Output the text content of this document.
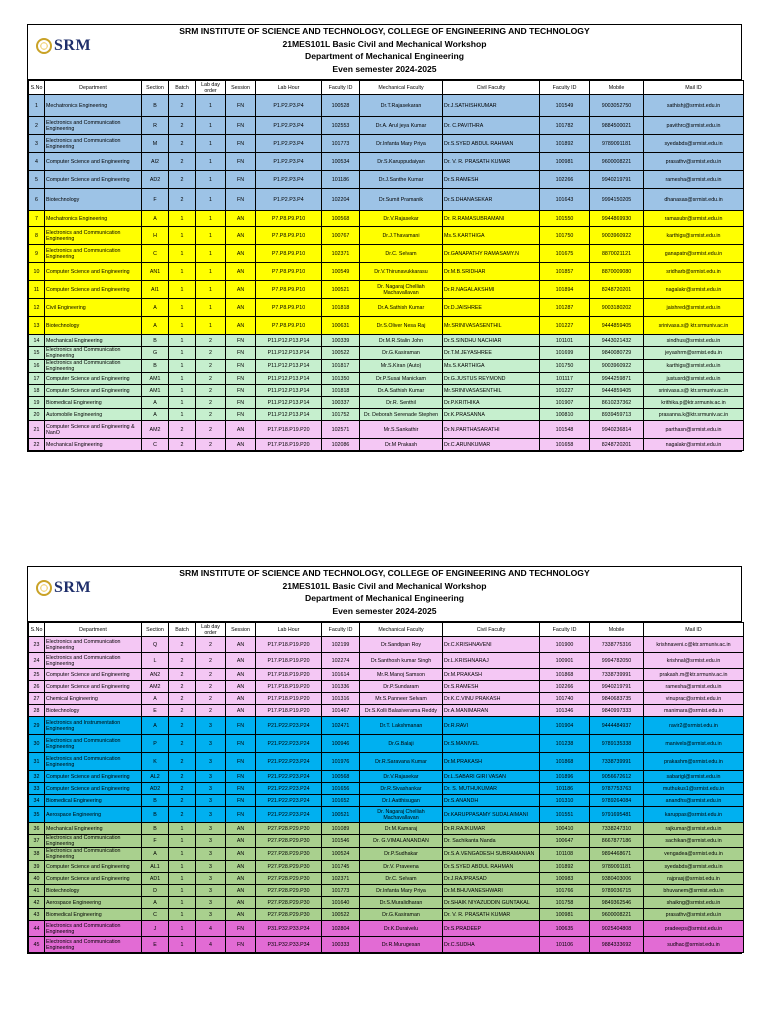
SRM
SRM INSTITUTE OF SCIENCE AND TECHNOLOGY, COLLEGE OF ENGINEERING AND TECHNOLOGY
21MES101L Basic Civil and Mechanical Workshop
Department of Mechanical Engineering
Even semester 2024-2025
S.No	Department	Section	Batch	Lab day order	Session	Lab Hour	Faculty ID	Mechanical Faculty	Civil Faculty	Faculty ID	Mobile	Mail ID
1	Mechatronics Engineering	B	2	1	FN	P1.P2.P3.P4	100528	Dr.T.Rajasekaran	Dr.J.SATHISHKUMAR	101549	9003052750	sathishj@srmist.edu.in
2	Electronics and Communication Engineering	R	2	1	FN	P1.P2.P3.P4	102553	Dr.A. Arul jeya Kumar	Dr. C.PAVITHRA	101782	9884500021	pavithrc@srmist.edu.in
3	Electronics and Communication Engineering	M	2	1	FN	P1.P2.P3.P4	101773	Dr.Infanta Mary Priya	Dr.S.SYED ABDUL RAHMAN	101892	9789091181	syedabds@srmist.edu.in
4	Computer Science and Engineering	AI2	2	1	FN	P1.P2.P3.P4	100534	Dr.S.Karuppudaiyan	Dr. V. R. PRASATH KUMAR	100981	9600008221	prasathv@srmist.edu.in
5	Computer Science and Engineering	AD2	2	1	FN	P1.P2.P3.P4	101186	Dr.J.Santhe Kumar	Dr.S.RAMESH	102266	9940219791	ramesha@srmist.edu.in
6	Biotechnology	F	2	1	FN	P1.P2.P3.P4	102204	Dr.Sumit Pramanik	Dr.S.DHANASEKAR	101643	9994150205	dhanasas@srmist.edu.in
7	Mechatronics Engineering	A	1	1	AN	P7.P8.P9.P10	100568	Dr.V.Rajasekar	Dr. R.RAMASUBRAMANI	101550	9944869930	ramasubr@srmist.edu.in
8	Electronics and Communication Engineering	H	1	1	AN	P7.P8.P9.P10	100767	Dr.J.Thavamani	Ms.S.KARTHIGA	101750	9003960922	karthigs@srmist.edu.in
9	Electronics and Communication Engineering	C	1	1	AN	P7.P8.P9.P10	102371	Dr.C. Selvam	Dr.GANAPATHY RAMASAMY.N	101675	8870021121	ganapatn@srmist.edu.in
10	Computer Science and Engineering	AN1	1	1	AN	P7.P8.P9.P10	100549	Dr.V.Thirunavukkarasu	Dr.M.B.SRIDHAR	101857	8870009080	sridharb@srmist.edu.in
11	Computer Science and Engineering	AI1	1	1	AN	P7.P8.P9.P10	100521	Dr. Nagaraj Chelliah Machavallavan	Dr.R.NAGALAKSHMI	101894	8248720201	nagalakr@srmist.edu.in
12	Civil Engineering	A	1	1	AN	P7.P8.P9.P10	101818	Dr.A.Sathish Kumar	Dr.D.JAISHREE	101287	9003180202	jaishred@srmist.edu.in
13	Biotechnology	A	1	1	AN	P7.P8.P9.P10	100631	Dr.S.Oliver Nesa Raj	Mr.SRINIVASASENTHIL	101227	9444859405	srinivasa.s@ ktr.srmuniv.ac.in
14	Mechanical Engineering	B	1	2	FN	P11.P12.P13.P14	100339	Dr.M.R.Stalin John	Dr.S.SINDHU NACHIAR	101101	9443021432	sindhus@srmist.edu.in
15	Electronics and Communication Engineering	G	1	2	FN	P11.P12.P13.P14	100522	Dr.G.Kasiraman	Dr.T.M.JEYASHREE	101699	9840080729	jeyashrm@srmist.edu.in
16	Electronics and Communication Engineering	B	1	2	FN	P11.P12.P13.P14	101817	Mr.S.Kiran (Auto)	Ms.S.KARTHIGA	101750	9003960922	karthigs@srmist.edu.in
17	Computer Science and Engineering	AM1	1	2	FN	P11.P12.P13.P14	101350	Dr.P.Susai Manickam	Dr.G.JUSTUS REYMOND	101117	9944259871	justusrd@srmist.edu.in
18	Computer Science and Engineering	AM1	1	2	FN	P11.P12.P13.P14	101818	Dr.A.Sathish Kumar	Mr.SRINIVASASENTHIL	101227	9444859405	srinivasa.s@ ktr.srmuniv.ac.in
19	Biomedical Engineering	A	1	2	FN	P11.P12.P13.P14	100337	Dr.R. Senthil	Dr.P.KRITHIKA	101907	8610237362	krithika.p@ktr.srmuniv.ac.in
20	Automobile Engineering	A	1	2	FN	P11.P12.P13.P14	101752	Dr. Deborah Serenade Stephen	Dr.K.PRASANNA	100810	8939459713	prasanna.k@ktr.srmuniv.ac.in
21	Computer Science and Engineering & NanO	AM2	2	2	AN	P17.P18.P19.P20	102571	Mr.S.Sankathir	Dr.N.PARTHASARATHI	101548	9940236814	parthasn@srmist.edu.in
22	Mechanical Engineering	C	2	2	AN	P17.P18.P19.P20	102086	Dr.M Prakash	Dr.C.ARUNKUMAR	101658	8248720201	nagalakr@srmist.edu.in
SRM
SRM INSTITUTE OF SCIENCE AND TECHNOLOGY, COLLEGE OF ENGINEERING AND TECHNOLOGY
21MES101L Basic Civil and Mechanical Workshop
Department of Mechanical Engineering
Even semester 2024-2025
S.No	Department	Section	Batch	Lab day order	Session	Lab Hour	Faculty ID	Mechanical Faculty	Civil Faculty	Faculty ID	Mobile	Mail ID
23	Electronics and Communication Engineering	Q	2	2	AN	P17.P18.P19.P20	102199	Dr.Sandipan Roy	Dr.C.KRISHNAVENI	101900	7338775316	krishnaveni.c@ktr.srmuniv.ac.in
24	Electronics and Communication Engineering	L	2	2	AN	P17.P18.P19.P20	102274	Dr.Santhosh kumar Singh	Dr.L.KRISHNARAJ	100901	9994782050	krishnal@srmist.edu.in
25	Computer Science and Engineering	AN2	2	2	AN	P17.P18.P19.P20	101614	Mr.R.Manoj Samson	Dr.M.PRAKASH	101868	7338739991	prakash.m@ktr.srmuniv.ac.in
26	Computer Science and Engineering	AM2	2	2	AN	P17.P18.P19.P20	101336	Dr.P.Sundaram	Dr.S.RAMESH	102266	9940219791	ramesha@srmist.edu.in
27	Chemical Engineering	A	2	2	AN	P17.P18.P19.P20	101316	Mr.S.Panneer Selvam	Dr.K.C.VINU PRAKASH	101740	9840683735	vinuprac@srmist.edu.in
28	Biotechnology	E	2	2	AN	P17.P18.P19.P20	101467	Dr.S.Kolli Balasiverama Reddy	Dr.A.MANIMARAN	101346	9840997333	manimara@srmist.edu.in
29	Electronics and Instrumentation Engineering	A	2	3	FN	P21.P22.P23.P24	102471	Dr.T. Lakshmanan	Dr.R.RAVI	101904	9444484937	ravir2@srmist.edu.in
30	Electronics and Communication Engineering	P	2	3	FN	P21.P22.P23.P24	100946	Dr.G.Balaji	Dr.S.MANIVEL	101238	9789135338	manivels@srmist.edu.in
31	Electronics and Communication Engineering	K	2	3	FN	P21.P22.P23.P24	101976	Dr.R.Saravana Kumar	Dr.M.PRAKASH	101868	7338739991	prakashm@srmist.edu.in
32	Computer Science and Engineering	AL2	2	3	FN	P21.P22.P23.P24	100568	Dr.V.Rajasekar	Dr.L.SABARI GIRI VASAN	101896	9056672612	sabarigl@srmist.edu.in
33	Computer Science and Engineering	AD2	2	3	FN	P21.P22.P23.P24	101656	Dr.R.Sivashankar	Dr. S. MUTHUKUMAR	101186	9787753763	muthukus1@srmist.edu.in
34	Biomedical Engineering	B	2	3	FN	P21.P22.P23.P24	101652	Dr.I.Aatthisugan	Dr.S.ANANDH	101310	9789264084	anandhs@srmist.edu.in
35	Aerospace Engineering	B	2	3	FN	P21.P22.P23.P24	100521	Dr. Nagaraj Chelliah Machavallavan	Dr.KARUPPASAMY SUDALAIMANI	101551	9791695481	karuppas@srmist.edu.in
36	Mechanical Engineering	B	1	3	AN	P27.P28.P29.P30	101089	Dr.M.Kamaraj	Dr.R.RAJKUMAR	100410	7338247310	rajkumar@srmist.edu.in
37	Electronics and Communication Engineering	F	1	3	AN	P27.P28.P29.P30	101546	Dr. G.VIMALANANDAN	Dr. Sachikanta Nanda	100647	8667877186	sachikan@srmist.edu.in
38	Electronics and Communication Engineering	A	1	3	AN	P27.P28.P29.P30	100524	Dr.P.Sudhakar	Dr.S.A.VENGADESH SUBRAMANIAN	101108	9894468671	vengadea@srmist.edu.in
39	Computer Science and Engineering	AL1	1	3	AN	P27.P28.P29.P30	101745	Dr.V. Praveena	Dr.S.SYED ABDUL RAHMAN	101892	9789091181	syedabds@srmist.edu.in
40	Computer Science and Engineering	AD1	1	3	AN	P27.P28.P29.P30	102371	Dr.C. Selvam	Dr.J.RAJPRASAD	100983	9380403006	rajprasj@srmist.edu.in
41	Biotechnology	D	1	3	AN	P27.P28.P29.P30	101773	Dr.Infanta Mary Priya	Dr.M.BHUVANESHWARI	101766	9789036715	bhuvanem@srmist.edu.in
42	Aerospace Engineering	A	1	3	AN	P27.P28.P29.P30	101640	Dr.S.Muralidharan	Dr.SHAIK NIYAZUDDIN GUNTAKAL	101758	9849362546	shaikng@srmist.edu.in
43	Biomedical Engineering	C	1	3	AN	P27.P28.P29.P30	100522	Dr.G.Kasiraman	Dr. V. R. PRASATH KUMAR	100981	9600008221	prasathv@srmist.edu.in
44	Electronics and Communication Engineering	J	1	4	FN	P31.P32.P33.P34	102804	Dr.K.Duraivelu	Dr.S.PRADEEP	100635	9025404808	pradeeps@srmist.edu.in
45	Electronics and Communication Engineering	E	1	4	FN	P31.P32.P33.P34	100333	Dr.R.Murugesan	Dr.C.SUDHA	101106	9884333692	sudhac@srmist.edu.in
